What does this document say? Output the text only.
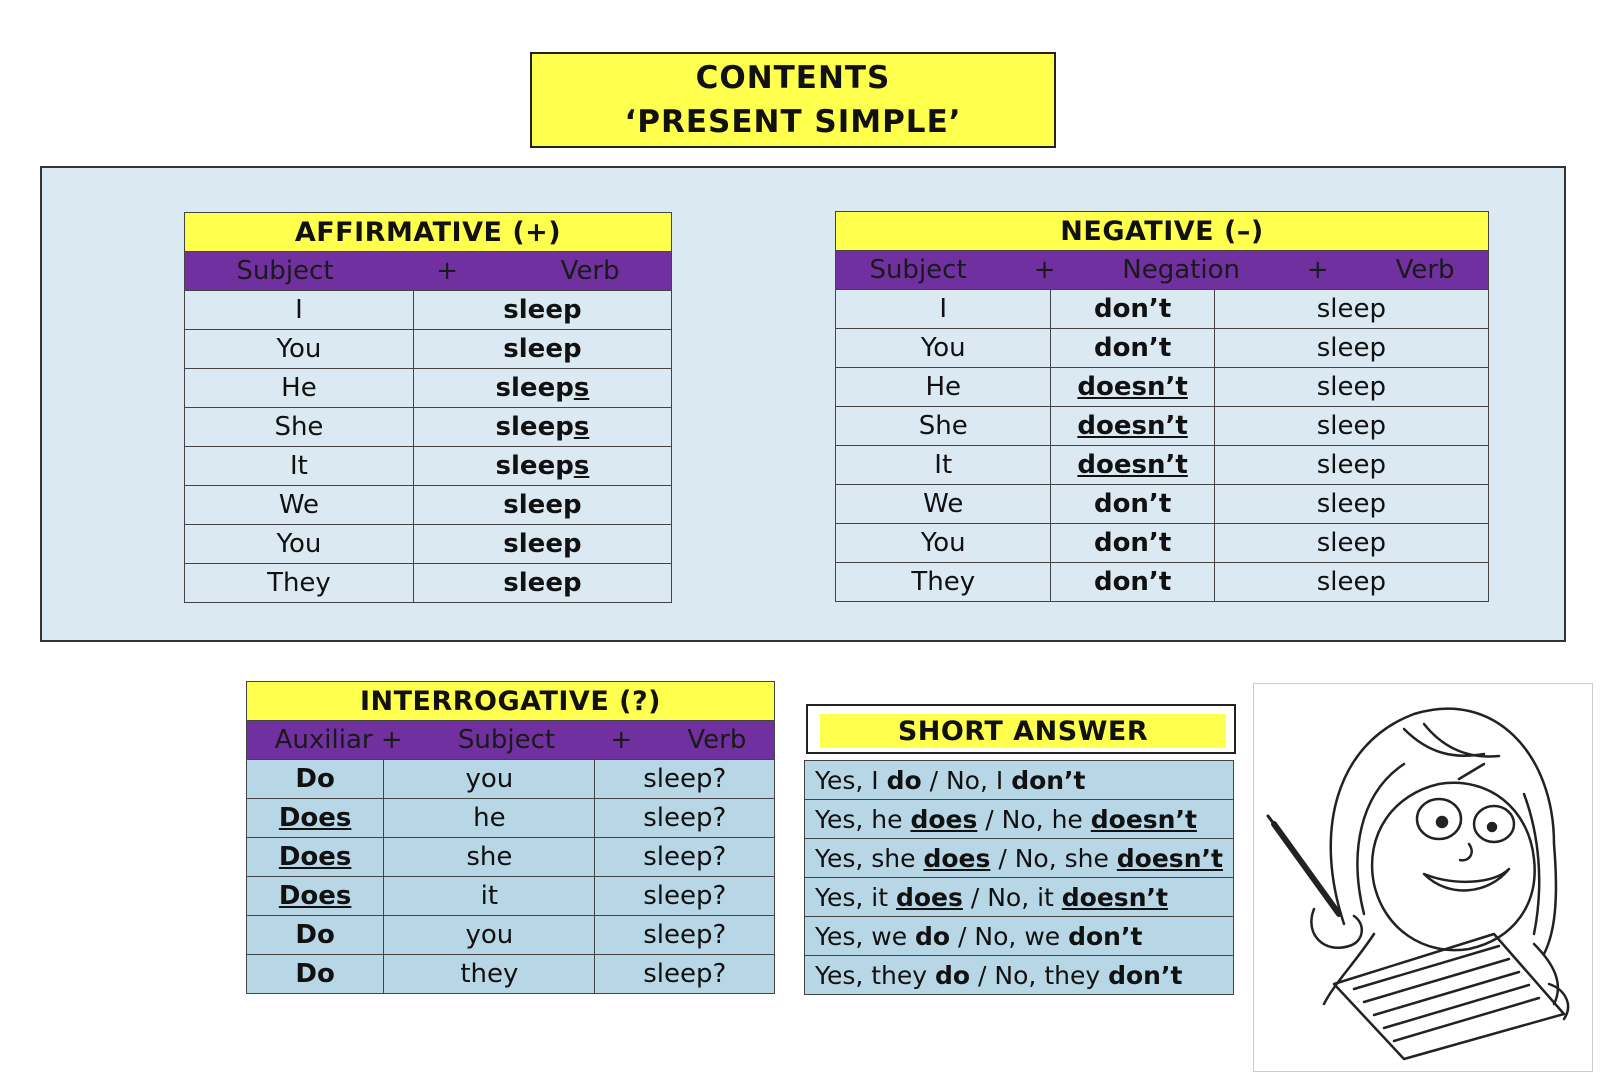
CONTENTS
‘PRESENT SIMPLE’
AFFIRMATIVE (+)	

Subject + Verb	

I	sleep
You	sleep
He	sleeps
She	sleeps
It	sleeps
We	sleep
You	sleep
They	sleep
NEGATIVE (–)		

Subject + Negation + Verb		

I	don’t	sleep
You	don’t	sleep
He	doesn’t	sleep
She	doesn’t	sleep
It	doesn’t	sleep
We	don’t	sleep
You	don’t	sleep
They	don’t	sleep
INTERROGATIVE (?)		

Auxiliar + Subject + Verb		

Do	you	sleep?
Does	he	sleep?
Does	she	sleep?
Does	it	sleep?
Do	you	sleep?
Do	they	sleep?
SHORT ANSWER
Yes, I do / No, I don’t
Yes, he does / No, he doesn’t
Yes, she does / No, she doesn’t
Yes, it does / No, it doesn’t
Yes, we do / No, we don’t
Yes, they do / No, they don’t
